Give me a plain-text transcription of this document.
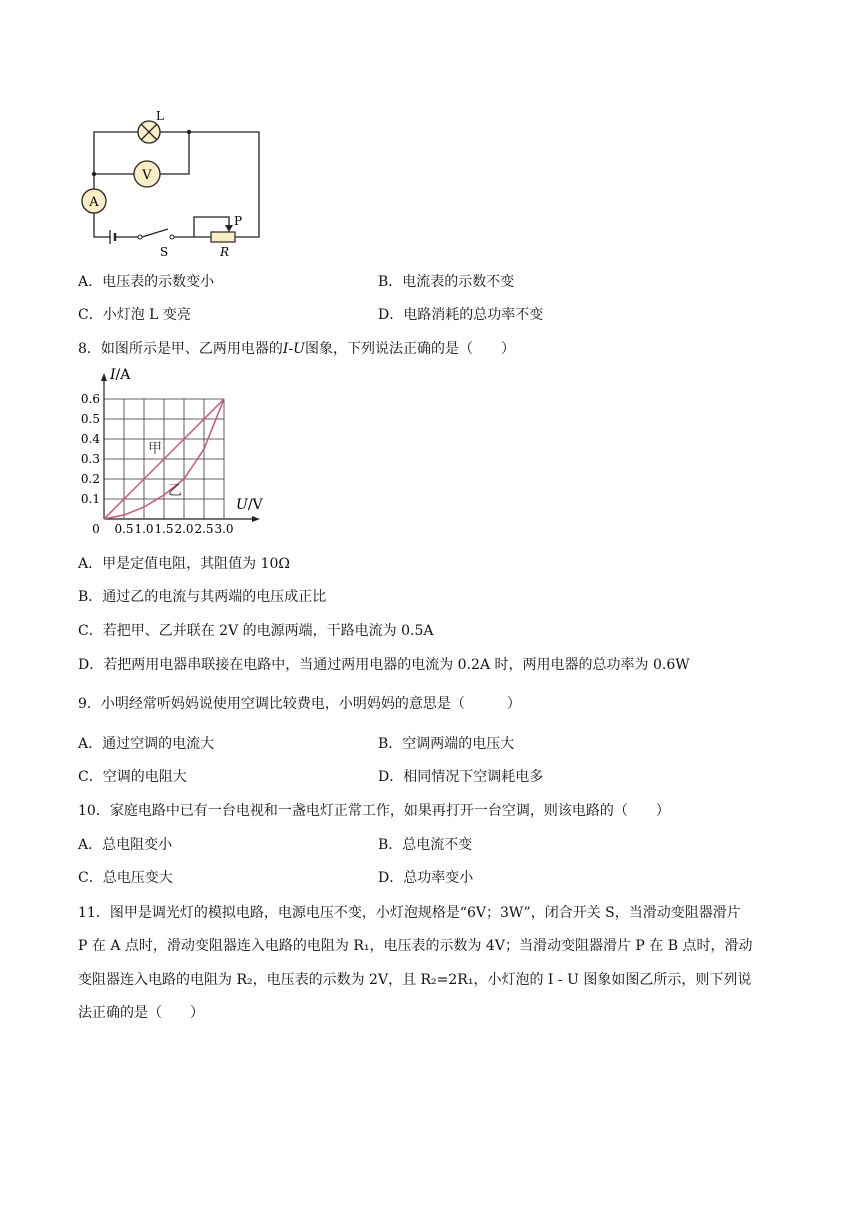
L
V
A
S
P
R
A．电压表的示数变小	B．电流表的示数不变
C．小灯泡 L 变亮	D．电路消耗的总功率不变
8．如图所示是甲、乙两用电器的I-U图象，下列说法正确的是（　　）
0.5 1.0 1.5 2.0 2.5 3.0
0.1
0.2
0.3
0.4
0.5
0.6
0
I/A
U/V
甲
乙
A．甲是定值电阻，其阻值为 10Ω
B．通过乙的电流与其两端的电压成正比
C．若把甲、乙并联在 2V 的电源两端，干路电流为 0.5A
D．若把两用电器串联接在电路中，当通过两用电器的电流为 0.2A 时，两用电器的总功率为 0.6W
9．小明经常听妈妈说使用空调比较费电，小明妈妈的意思是（　　　）
A．通过空调的电流大	B．空调两端的电压大
C．空调的电阻大	D．相同情况下空调耗电多
10．家庭电路中已有一台电视和一盏电灯正常工作，如果再打开一台空调，则该电路的（　　）
A．总电阻变小	B．总电流不变
C．总电压变大	D．总功率变小
11．图甲是调光灯的模拟电路，电源电压不变，小灯泡规格是“6V；3W”，闭合开关 S，当滑动变阻器滑片
P 在 A 点时，滑动变阻器连入电路的电阻为 R₁，电压表的示数为 4V；当滑动变阻器滑片 P 在 B 点时，滑动
变阻器连入电路的电阻为 R₂，电压表的示数为 2V，且 R₂=2R₁，小灯泡的 I - U 图象如图乙所示，则下列说
法正确的是（　　）
